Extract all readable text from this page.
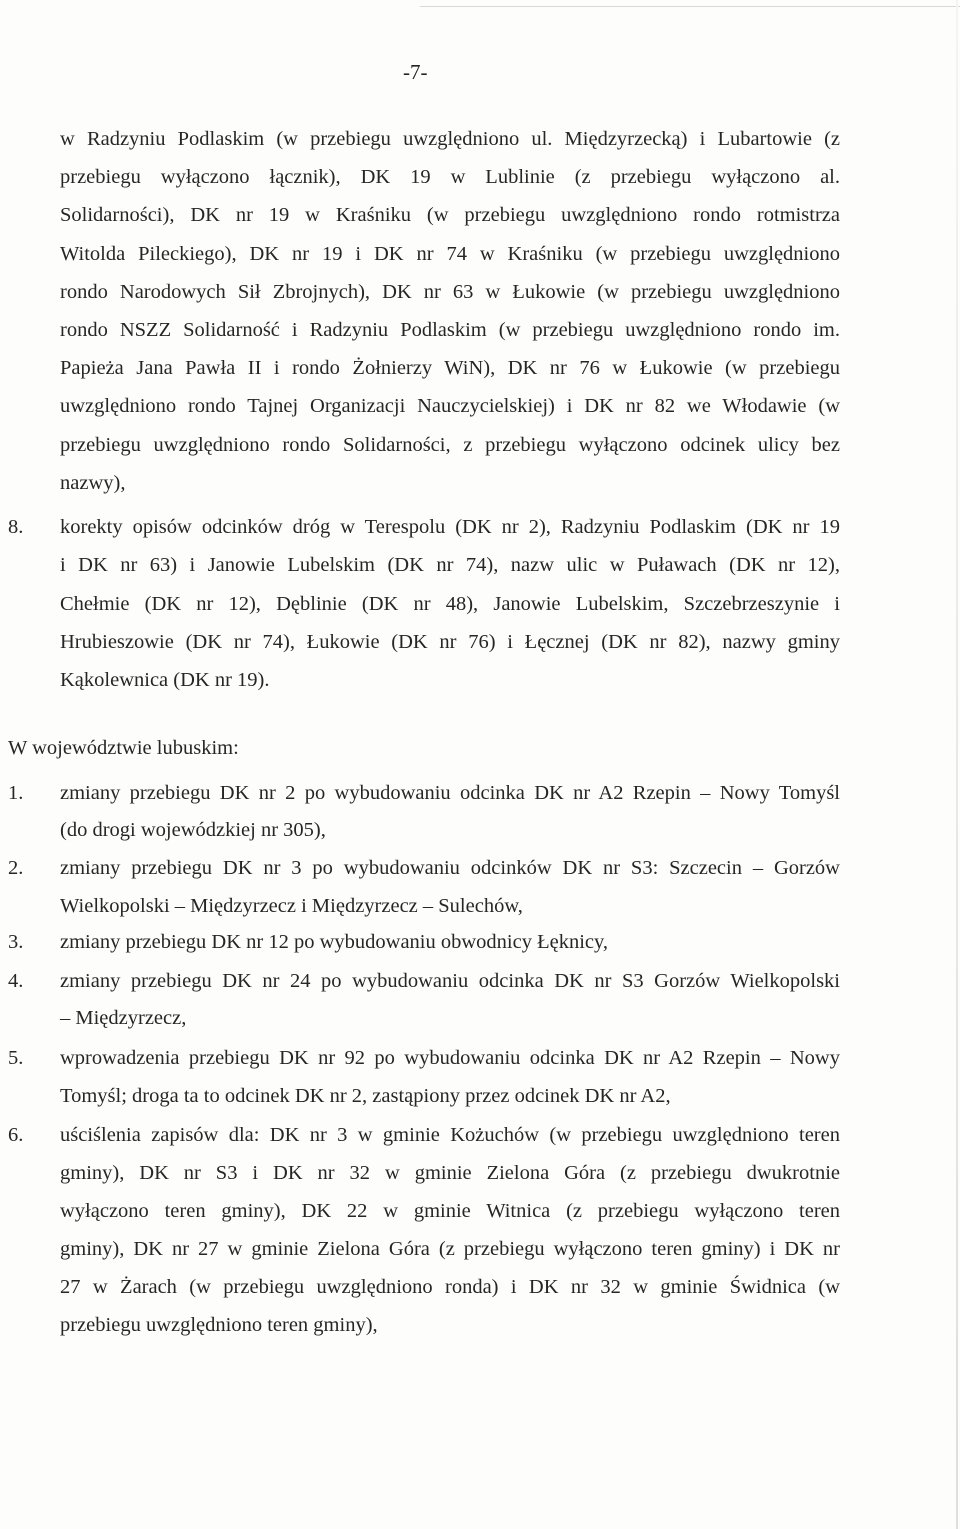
-7-
w Radzyniu Podlaskim (w przebiegu uwzględniono ul. Międzyrzecką) i Lubartowie (z
przebiegu wyłączono łącznik), DK 19 w Lublinie (z przebiegu wyłączono al.
Solidarności), DK nr 19 w Kraśniku (w przebiegu uwzględniono rondo rotmistrza
Witolda Pileckiego), DK nr 19 i DK nr 74 w Kraśniku (w przebiegu uwzględniono
rondo Narodowych Sił Zbrojnych), DK nr 63 w Łukowie (w przebiegu uwzględniono
rondo NSZZ Solidarność i Radzyniu Podlaskim (w przebiegu uwzględniono rondo im.
Papieża Jana Pawła II i rondo Żołnierzy WiN), DK nr 76 w Łukowie (w przebiegu
uwzględniono rondo Tajnej Organizacji Nauczycielskiej) i DK nr 82 we Włodawie (w
przebiegu uwzględniono rondo Solidarności, z przebiegu wyłączono odcinek ulicy bez
nazwy),
8.	korekty opisów odcinków dróg w Terespolu (DK nr 2), Radzyniu Podlaskim (DK nr 19
i DK nr 63) i Janowie Lubelskim (DK nr 74), nazw ulic w Puławach (DK nr 12),
Chełmie (DK nr 12), Dęblinie (DK nr 48), Janowie Lubelskim, Szczebrzeszynie i
Hrubieszowie (DK nr 74), Łukowie (DK nr 76) i Łęcznej (DK nr 82), nazwy gminy
Kąkolewnica (DK nr 19).
W województwie lubuskim:
1.	zmiany przebiegu DK nr 2 po wybudowaniu odcinka DK nr A2 Rzepin – Nowy Tomyśl
(do drogi wojewódzkiej nr 305),
2.	zmiany przebiegu DK nr 3 po wybudowaniu odcinków DK nr S3: Szczecin – Gorzów
Wielkopolski – Międzyrzecz i Międzyrzecz – Sulechów,
3.	zmiany przebiegu DK nr 12 po wybudowaniu obwodnicy Łęknicy,
4.	zmiany przebiegu DK nr 24 po wybudowaniu odcinka DK nr S3 Gorzów Wielkopolski
– Międzyrzecz,
5.	wprowadzenia przebiegu DK nr 92 po wybudowaniu odcinka DK nr A2 Rzepin – Nowy
Tomyśl; droga ta to odcinek DK nr 2, zastąpiony przez odcinek DK nr A2,
6.	uściślenia zapisów dla: DK nr 3 w gminie Kożuchów (w przebiegu uwzględniono teren
gminy), DK nr S3 i DK nr 32 w gminie Zielona Góra (z przebiegu dwukrotnie
wyłączono teren gminy), DK 22 w gminie Witnica (z przebiegu wyłączono teren
gminy), DK nr 27 w gminie Zielona Góra (z przebiegu wyłączono teren gminy) i DK nr
27 w Żarach (w przebiegu uwzględniono ronda) i DK nr 32 w gminie Świdnica (w
przebiegu uwzględniono teren gminy),
